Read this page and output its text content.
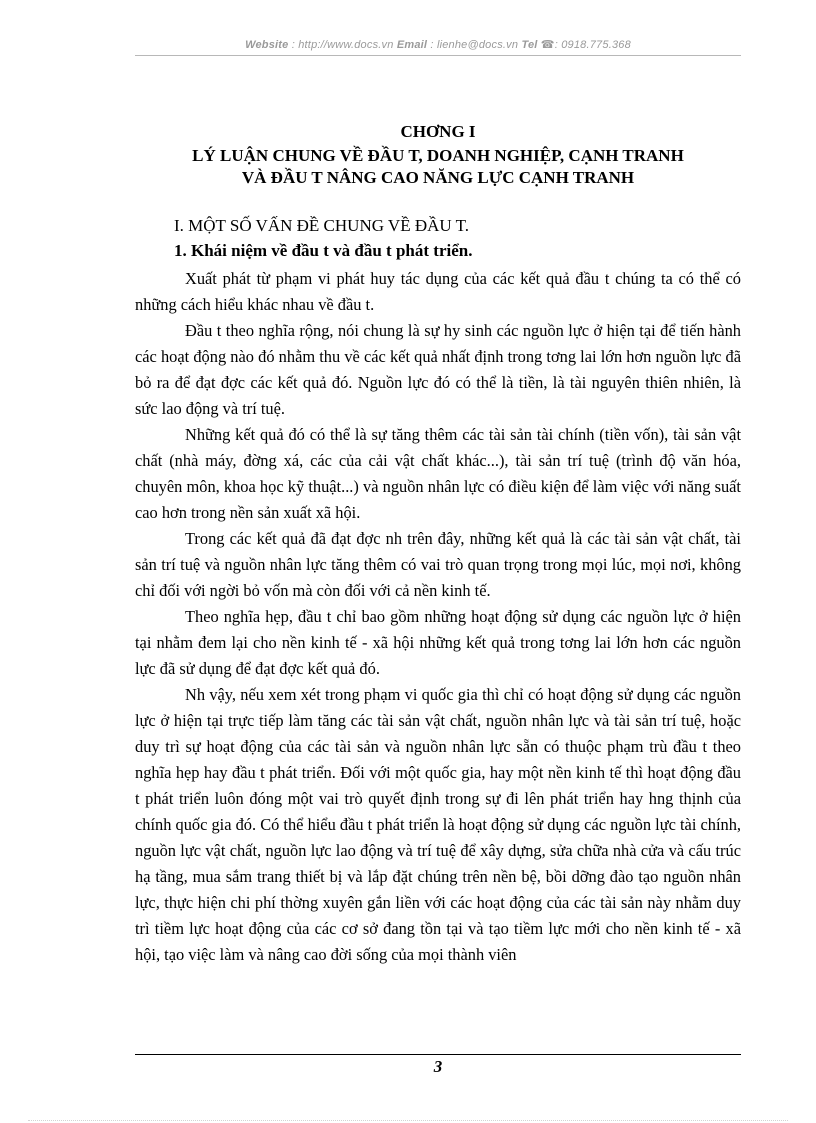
Website : http://www.docs.vn Email : lienhe@docs.vn Tel ☎: 0918.775.368
CHƠNG I
LÝ LUẬN CHUNG VỀ ĐẦU T, DOANH NGHIỆP, CẠNH TRANH
VÀ ĐẦU T NÂNG CAO NĂNG LỰC CẠNH TRANH
I. MỘT SỐ VẤN ĐỀ CHUNG VỀ ĐẦU T.
1. Khái niệm về đầu t và đầu t phát triển.

Xuất phát từ phạm vi phát huy tác dụng của các kết quả đầu t chúng ta có thể có những cách hiểu khác nhau về đầu t.

Đầu t theo nghĩa rộng, nói chung là sự hy sinh các nguồn lực ở hiện tại để tiến hành các hoạt động nào đó nhằm thu về các kết quả nhất định trong tơng lai lớn hơn nguồn lực đã bỏ ra để đạt đợc các kết quả đó. Nguồn lực đó có thể là tiền, là tài nguyên thiên nhiên, là sức lao động và trí tuệ.

Những kết quả đó có thể là sự tăng thêm các tài sản tài chính (tiền vốn), tài sản vật chất (nhà máy, đờng xá, các của cải vật chất khác...), tài sản trí tuệ (trình độ văn hóa, chuyên môn, khoa học kỹ thuật...) và nguồn nhân lực có điều kiện để làm việc với năng suất cao hơn trong nền sản xuất xã hội.

Trong các kết quả đã đạt đợc nh trên đây, những kết quả là các tài sản vật chất, tài sản trí tuệ và nguồn nhân lực tăng thêm có vai trò quan trọng trong mọi lúc, mọi nơi, không chỉ đối với ngời bỏ vốn mà còn đối với cả nền kinh tế.

Theo nghĩa hẹp, đầu t chỉ bao gồm những hoạt động sử dụng các nguồn lực ở hiện tại nhằm đem lại cho nền kinh tế - xã hội những kết quả trong tơng lai lớn hơn các nguồn lực đã sử dụng để đạt đợc kết quả đó.

Nh vậy, nếu xem xét trong phạm vi quốc gia thì chỉ có hoạt động sử dụng các nguồn lực ở hiện tại trực tiếp làm tăng các tài sản vật chất, nguồn nhân lực và tài sản trí tuệ, hoặc duy trì sự hoạt động của các tài sản và nguồn nhân lực sẵn có thuộc phạm trù đầu t theo nghĩa hẹp hay đầu t phát triển. Đối với một quốc gia, hay một nền kinh tế thì hoạt động đầu t phát triển luôn đóng một vai trò quyết định trong sự đi lên phát triển hay hng thịnh của chính quốc gia đó. Có thể hiểu đầu t phát triển là hoạt động sử dụng các nguồn lực tài chính, nguồn lực vật chất, nguồn lực lao động và trí tuệ để xây dựng, sửa chữa nhà cửa và cấu trúc hạ tầng, mua sắm trang thiết bị và lắp đặt chúng trên nền bệ, bồi dỡng đào tạo nguồn nhân lực, thực hiện chi phí thờng xuyên gắn liền với các hoạt động của các tài sản này nhằm duy trì tiềm lực hoạt động của các cơ sở đang tồn tại và tạo tiềm lực mới cho nền kinh tế - xã hội, tạo việc làm và nâng cao đời sống của mọi thành viên

3
